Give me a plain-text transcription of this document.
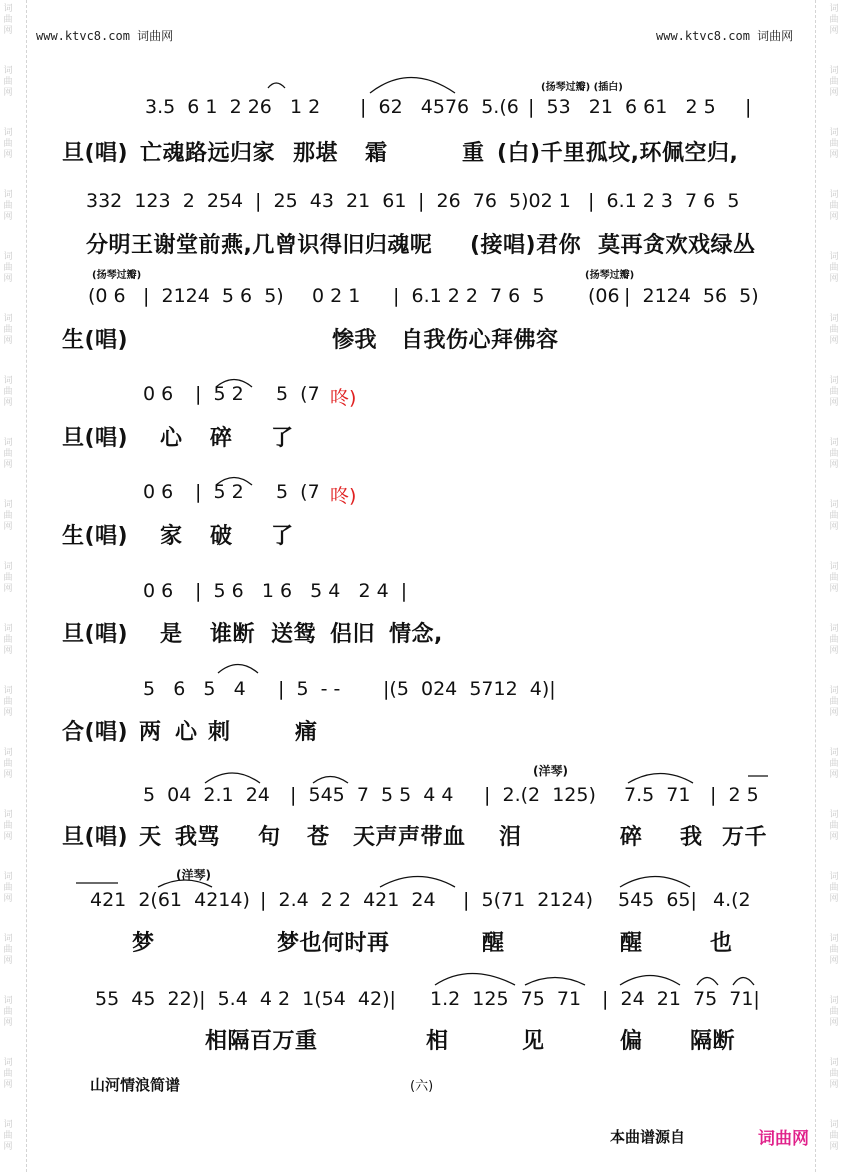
词
曲
网
词
曲
网
词
曲
网
词
曲
网
词
曲
网
词
曲
网
词
曲
网
词
曲
网
词
曲
网
词
曲
网
词
曲
网
词
曲
网
词
曲
网
词
曲
网
词
曲
网
词
曲
网
词
曲
网
词
曲
网
词
曲
网
词
曲
网
词
曲
网
词
曲
网
词
曲
网
词
曲
网
词
曲
网
词
曲
网
词
曲
网
词
曲
网
词
曲
网
词
曲
网
词
曲
网
词
曲
网
词
曲
网
词
曲
网
词
曲
网
词
曲
网
词
曲
网
词
曲
网
www.ktvc8.com 词曲网	www.ktvc8.com 词曲网
(扬琴过瓣) (插白)
3.5  6 1  2 26   1 2 |  62   4576  5.(6 |  53   21  6 61   2 5 |
旦(唱) 亡魂路远归家 那堪 霜	重 (白)千里孤坟,环佩空归,
332  123  2  254 |  25  43  21  61 |  26  76  5)02 1 |  6.1 2 3  7 6  5
分明王谢堂前燕,几曾识得旧归魂呢 (接唱)君你 莫再贪欢戏绿丛
(扬琴过瓣)	(扬琴过瓣)
(0 6 |  2124  5 6  5) 0 2 1 |  6.1 2 2  7 6  5 (06 |  2124  56  5)
生(唱)	惨我 自我伤心拜佛容
0 6 |  5 2 5  (7 咚)
旦(唱) 心 碎 了
0 6 |  5 2 5  (7 咚)
生(唱) 家 破 了
0 6 |  5 6   1 6   5 4   2 4  |
旦(唱) 是 谁断 送鸳 侣旧 情念,
5   6   5   4 |  5  - - |(5  024  5712  4)|
合(唱) 两 心 刺	痛
(洋琴)
5  04  2.1  24 |  545  7  5 5  4 4 |  2.(2  125) 7.5  71 |  2 5
旦(唱) 天 我骂 句 苍 天声声带血 泪	碎 我 万千
(洋琴)
421  2(61  4214) |  2.4  2 2  421  24 |  5(71  2124) 545  65| 4.(2
梦	梦也何时再	醒	醒	也
55  45  22)|  5.4  4 2  1(54  42)| 1.2  125  75  71 |  24  21  75  71|
相隔百万重	相	见	偏 隔断
山河情浪简谱	(六)
本曲谱源自	词曲网
